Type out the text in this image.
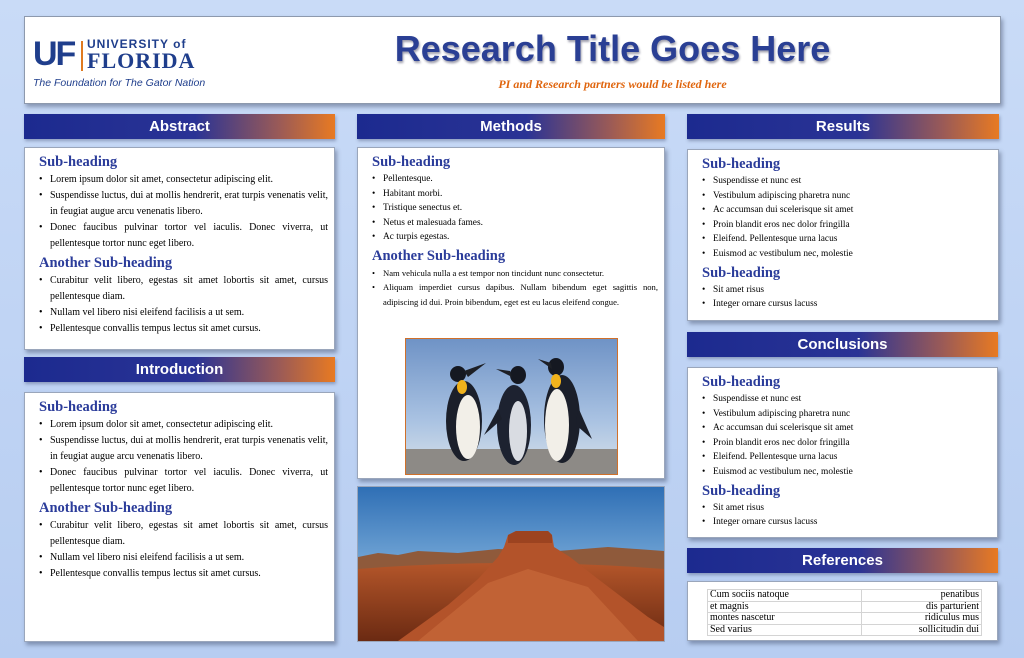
UF UNIVERSITY of
FLORIDA
The Foundation for The Gator Nation
Research Title Goes Here
PI and Research partners would be listed here
Abstract
Sub-heading
• Lorem ipsum dolor sit amet, consectetur adipiscing elit.
• Suspendisse luctus, dui at mollis hendrerit, erat turpis venenatis velit, in feugiat augue arcu venenatis libero.
• Donec faucibus pulvinar tortor vel iaculis. Donec viverra, ut pellentesque tortor nunc eget libero.
Another Sub-heading
• Curabitur velit libero, egestas sit amet lobortis sit amet, cursus pellentesque diam.
• Nullam vel libero nisi eleifend facilisis a ut sem.
• Pellentesque convallis tempus lectus sit amet cursus.
Introduction
Sub-heading
• Lorem ipsum dolor sit amet, consectetur adipiscing elit.
• Suspendisse luctus, dui at mollis hendrerit, erat turpis venenatis velit, in feugiat augue arcu venenatis libero.
• Donec faucibus pulvinar tortor vel iaculis. Donec viverra, ut pellentesque tortor nunc eget libero.
Another Sub-heading
• Curabitur velit libero, egestas sit amet lobortis sit amet, cursus pellentesque diam.
• Nullam vel libero nisi eleifend facilisis a ut sem.
• Pellentesque convallis tempus lectus sit amet cursus.
Methods
Sub-heading
• Pellentesque.
• Habitant morbi.
• Tristique senectus et.
• Netus et malesuada fames.
• Ac turpis egestas.
Another Sub-heading
• Nam vehicula nulla a est tempor non tincidunt nunc consectetur.
• Aliquam imperdiet cursus dapibus. Nullam bibendum eget sagittis non, adipiscing id dui. Proin bibendum, eget est eu lacus eleifend congue.
Results
Sub-heading
• Suspendisse et nunc est
• Vestibulum adipiscing pharetra nunc
• Ac accumsan dui scelerisque sit amet
• Proin blandit eros nec dolor fringilla
• Eleifend. Pellentesque urna lacus
• Euismod ac vestibulum nec, molestie
Sub-heading
• Sit amet risus
• Integer ornare cursus lacuss
Conclusions
Sub-heading
• Suspendisse et nunc est
• Vestibulum adipiscing pharetra nunc
• Ac accumsan dui scelerisque sit amet
• Proin blandit eros nec dolor fringilla
• Eleifend. Pellentesque urna lacus
• Euismod ac vestibulum nec, molestie
Sub-heading
• Sit amet risus
• Integer ornare cursus lacuss
References
Cum sociis natoque	penatibus
et magnis	dis parturient
montes nascetur	ridiculus mus
Sed varius	sollicitudin dui
